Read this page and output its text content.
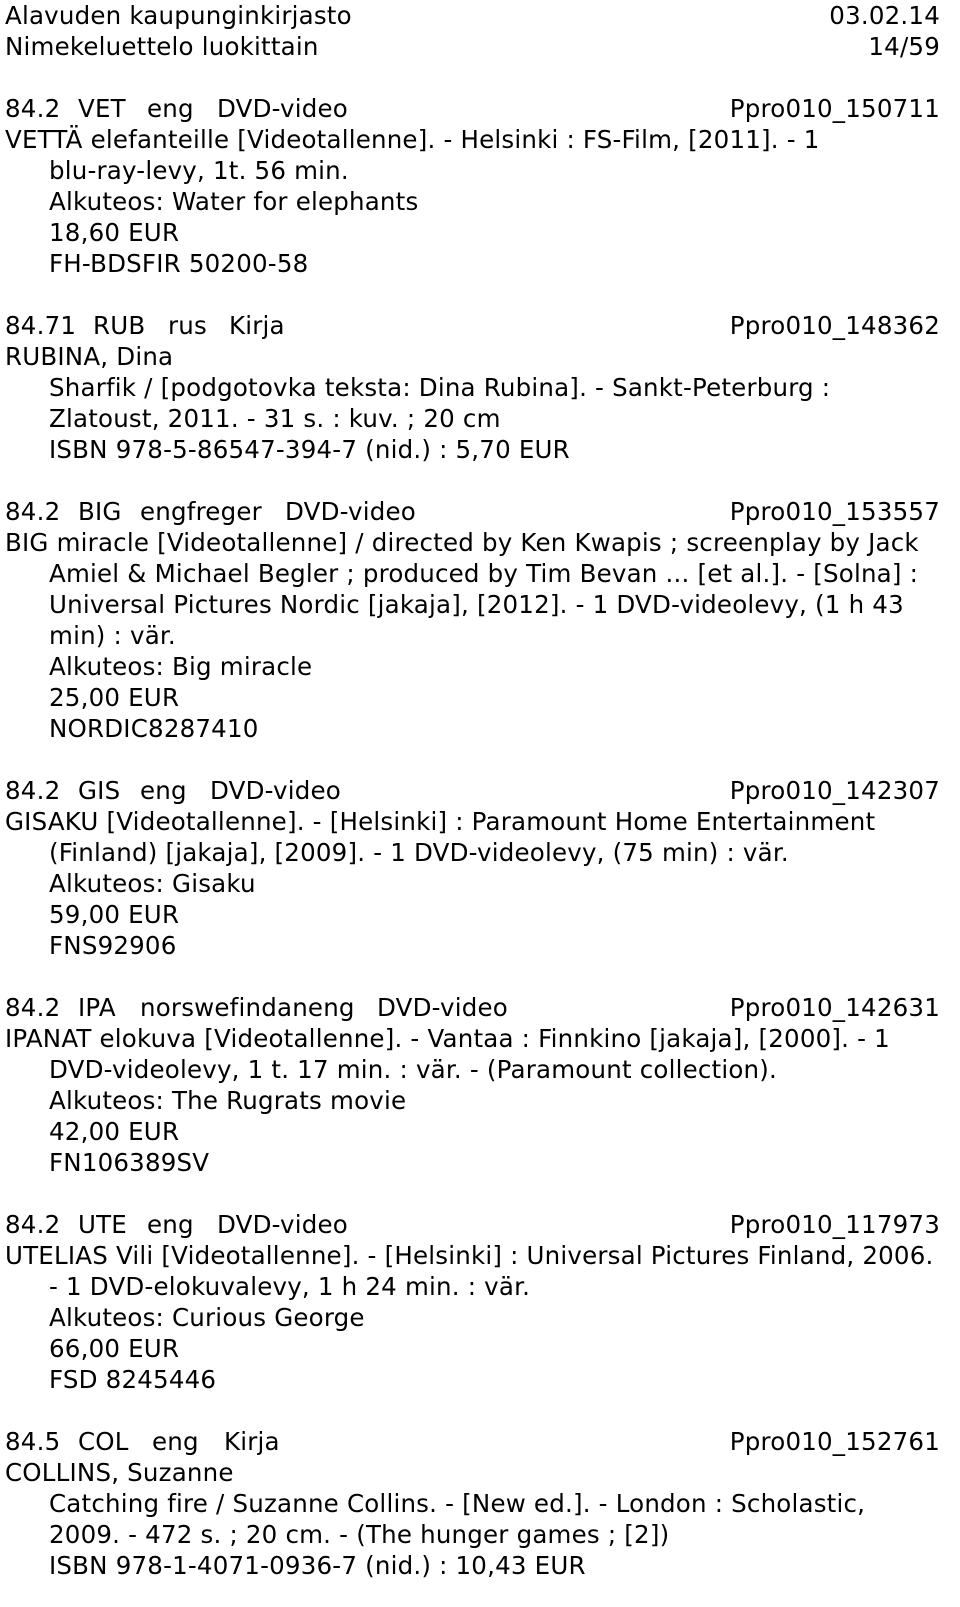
Alavuden kaupunginkirjasto	03.02.14
Nimekeluettelo luokittain	14/59
84.2 VET eng DVD-video	Ppro010_150711
VETTÄ elefanteille [Videotallenne]. - Helsinki : FS-Film, [2011]. - 1
blu-ray-levy, 1t. 56 min.
Alkuteos: Water for elephants
18,60 EUR
FH-BDSFIR 50200-58
84.71 RUB rus Kirja	Ppro010_148362
RUBINA, Dina
Sharfik / [podgotovka teksta: Dina Rubina]. - Sankt-Peterburg :
Zlatoust, 2011. - 31 s. : kuv. ; 20 cm
ISBN 978-5-86547-394-7 (nid.) : 5,70 EUR
84.2 BIG engfreger DVD-video	Ppro010_153557
BIG miracle [Videotallenne] / directed by Ken Kwapis ; screenplay by Jack
Amiel & Michael Begler ; produced by Tim Bevan ... [et al.]. - [Solna] :
Universal Pictures Nordic [jakaja], [2012]. - 1 DVD-videolevy, (1 h 43
min) : vär.
Alkuteos: Big miracle
25,00 EUR
NORDIC8287410
84.2 GIS eng DVD-video	Ppro010_142307
GISAKU [Videotallenne]. - [Helsinki] : Paramount Home Entertainment
(Finland) [jakaja], [2009]. - 1 DVD-videolevy, (75 min) : vär.
Alkuteos: Gisaku
59,00 EUR
FNS92906
84.2 IPA norswefindaneng DVD-video	Ppro010_142631
IPANAT elokuva [Videotallenne]. - Vantaa : Finnkino [jakaja], [2000]. - 1
DVD-videolevy, 1 t. 17 min. : vär. - (Paramount collection).
Alkuteos: The Rugrats movie
42,00 EUR
FN106389SV
84.2 UTE eng DVD-video	Ppro010_117973
UTELIAS Vili [Videotallenne]. - [Helsinki] : Universal Pictures Finland, 2006.
- 1 DVD-elokuvalevy, 1 h 24 min. : vär.
Alkuteos: Curious George
66,00 EUR
FSD 8245446
84.5 COL eng Kirja	Ppro010_152761
COLLINS, Suzanne
Catching fire / Suzanne Collins. - [New ed.]. - London : Scholastic,
2009. - 472 s. ; 20 cm. - (The hunger games ; [2])
ISBN 978-1-4071-0936-7 (nid.) : 10,43 EUR
